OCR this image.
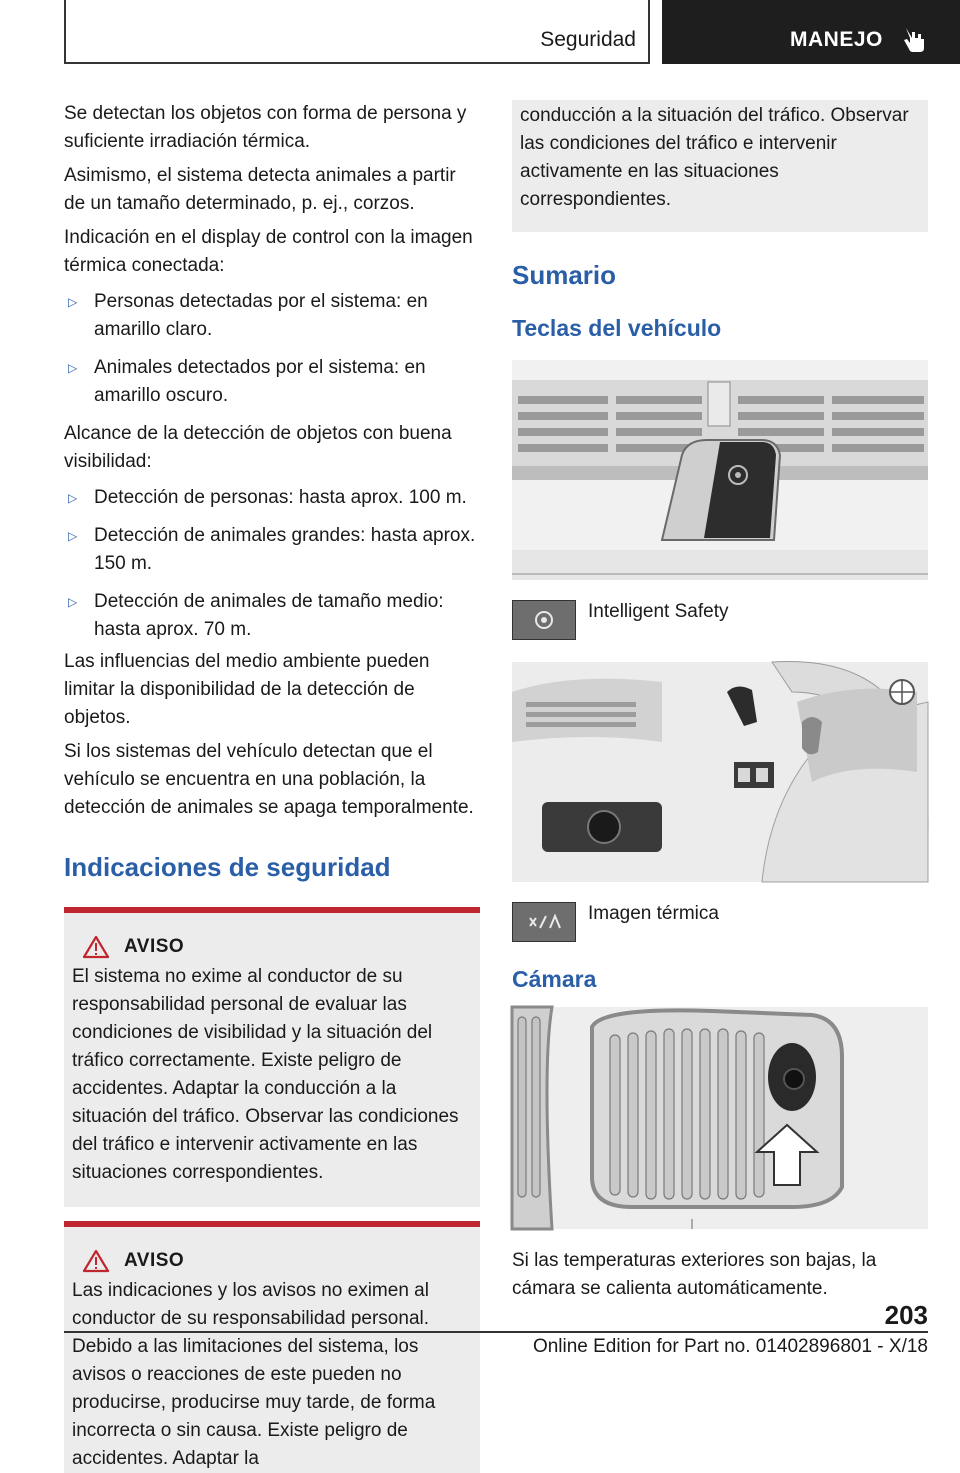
Seguridad	MANEJO

Se detectan los objetos con forma de persona y suficiente irradiación térmica.

Asimismo, el sistema detecta animales a partir de un tamaño determinado, p. ej., corzos.

Indicación en el display de control con la imagen térmica conectada:

▷ Personas detectadas por el sistema: en amarillo claro.
▷ Animales detectados por el sistema: en amarillo oscuro.

Alcance de la detección de objetos con buena visibilidad:

▷ Detección de personas: hasta aprox. 100 m.
▷ Detección de animales grandes: hasta aprox. 150 m.
▷ Detección de animales de tamaño medio: hasta aprox. 70 m.

Las influencias del medio ambiente pueden limitar la disponibilidad de la detección de objetos.

Si los sistemas del vehículo detectan que el vehículo se encuentra en una población, la detección de animales se apaga temporalmente.

Indicaciones de seguridad
AVISO

El sistema no exime al conductor de su responsabilidad personal de evaluar las condiciones de visibilidad y la situación del tráfico correctamente. Existe peligro de accidentes. Adaptar la conducción a la situación del tráfico. Observar las condiciones del tráfico e intervenir activamente en las situaciones correspondientes.

AVISO

Las indicaciones y los avisos no eximen al conductor de su responsabilidad personal. Debido a las limitaciones del sistema, los avisos o reacciones de este pueden no producirse, producirse muy tarde, de forma incorrecta o sin causa. Existe peligro de accidentes. Adaptar la

conducción a la situación del tráfico. Observar las condiciones del tráfico e intervenir activamente en las situaciones correspondientes.

Sumario
Teclas del vehículo
Intelligent Safety
Imagen térmica
Cámara

Si las temperaturas exteriores son bajas, la cámara se calienta automáticamente.

203
Online Edition for Part no. 01402896801 - X/18
